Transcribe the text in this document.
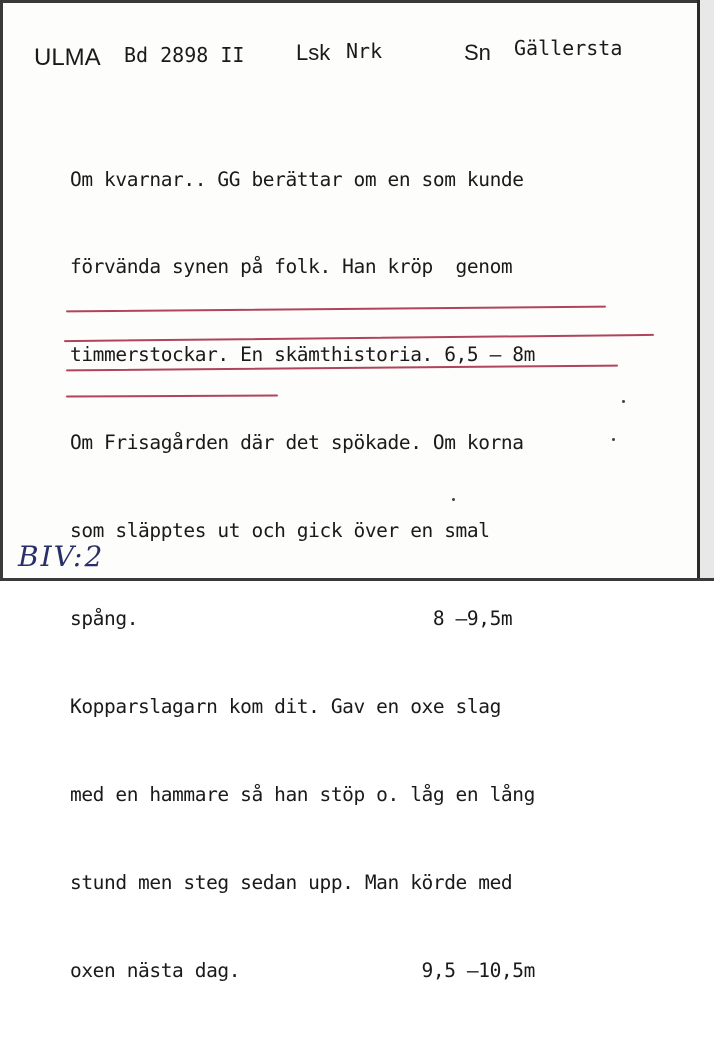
ULMA Bd 2898 II Lsk Nrk	Sn Gällersta

Om kvarnar.. GG berättar om en som kunde

förvända synen på folk. Han kröp  genom

timmerstockar. En skämthistoria. 6,5 — 8m

Om Frisagården där det spökade. Om korna

som släpptes ut och gick över en smal

spång.                          8 —9,5m

Kopparslagarn kom dit. Gav en oxe slag

med en hammare så han stöp o. låg en lång

stund men steg sedan upp. Man körde med

oxen nästa dag.                9,5 —10,5m

BIV:2
